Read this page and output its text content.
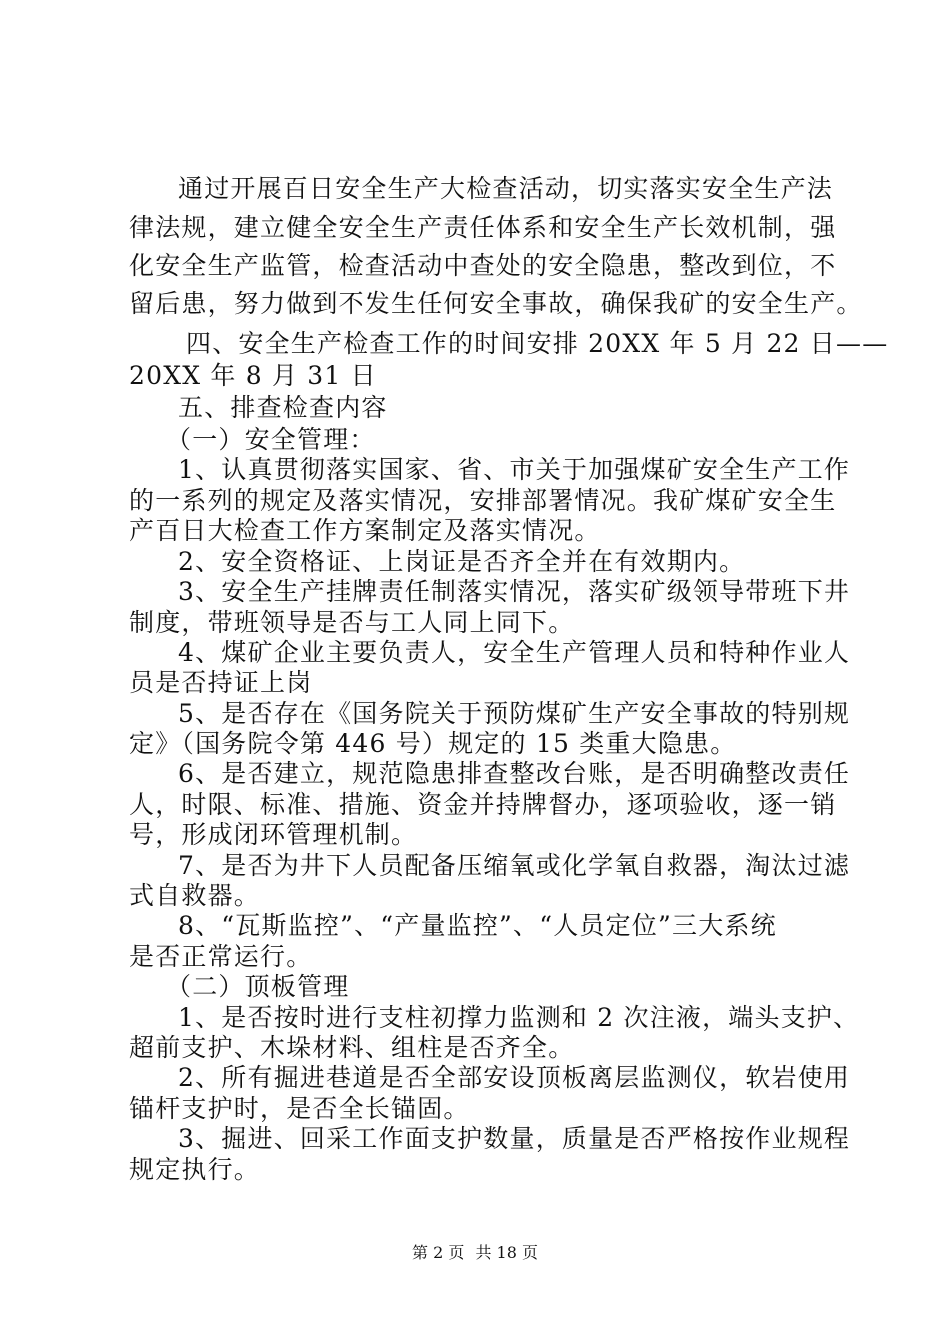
通过开展百日安全生产大检查活动，切实落实安全生产法
律法规，建立健全安全生产责任体系和安全生产长效机制，强
化安全生产监管，检查活动中查处的安全隐患，整改到位，不
留后患，努力做到不发生任何安全事故，确保我矿的安全生产。
四、安全生产检查工作的时间安排 20XX 年 5 月 22 日——
20XX 年 8 月 31 日
五、排查检查内容
（一）安全管理：
1、认真贯彻落实国家、省、市关于加强煤矿安全生产工作
的一系列的规定及落实情况，安排部署情况。我矿煤矿安全生
产百日大检查工作方案制定及落实情况。
2、安全资格证、上岗证是否齐全并在有效期内。
3、安全生产挂牌责任制落实情况，落实矿级领导带班下井
制度，带班领导是否与工人同上同下。
4、煤矿企业主要负责人，安全生产管理人员和特种作业人
员是否持证上岗
5、是否存在《国务院关于预防煤矿生产安全事故的特别规
定》（国务院令第 446 号）规定的 15 类重大隐患。
6、是否建立，规范隐患排查整改台账，是否明确整改责任
人，时限、标准、措施、资金并持牌督办，逐项验收，逐一销
号，形成闭环管理机制。
7、是否为井下人员配备压缩氧或化学氧自救器，淘汰过滤
式自救器。
8、“瓦斯监控”、“产量监控”、“人员定位”三大系统
是否正常运行。
（二）顶板管理
1、是否按时进行支柱初撑力监测和 2 次注液，端头支护、
超前支护、木垛材料、组柱是否齐全。
2、所有掘进巷道是否全部安设顶板离层监测仪，软岩使用
锚杆支护时，是否全长锚固。
3、掘进、回采工作面支护数量，质量是否严格按作业规程
规定执行。
第 2 页 共 18 页
